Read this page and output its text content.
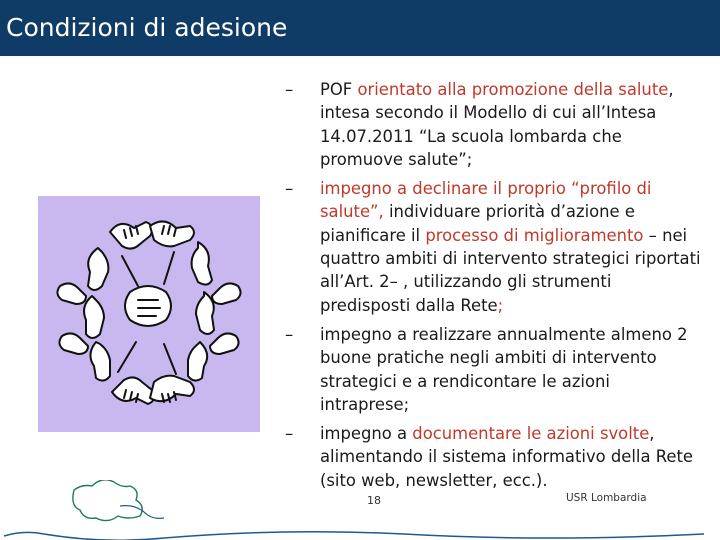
Condizioni di adesione
– POF orientato alla promozione della salute, intesa secondo il Modello di cui all’Intesa 14.07.2011 “La scuola lombarda che promuove salute”;
– impegno a declinare il proprio “profilo di salute”, individuare priorità d’azione e pianificare il processo di miglioramento – nei quattro ambiti di intervento strategici riportati all’Art. 2– , utilizzando gli strumenti predisposti dalla Rete;
– impegno a realizzare annualmente almeno 2 buone pratiche negli ambiti di intervento strategici e a rendicontare le azioni intraprese;
– impegno a documentare le azioni svolte, alimentando il sistema informativo della Rete (sito web, newsletter, ecc.).
18	USR Lombardia
